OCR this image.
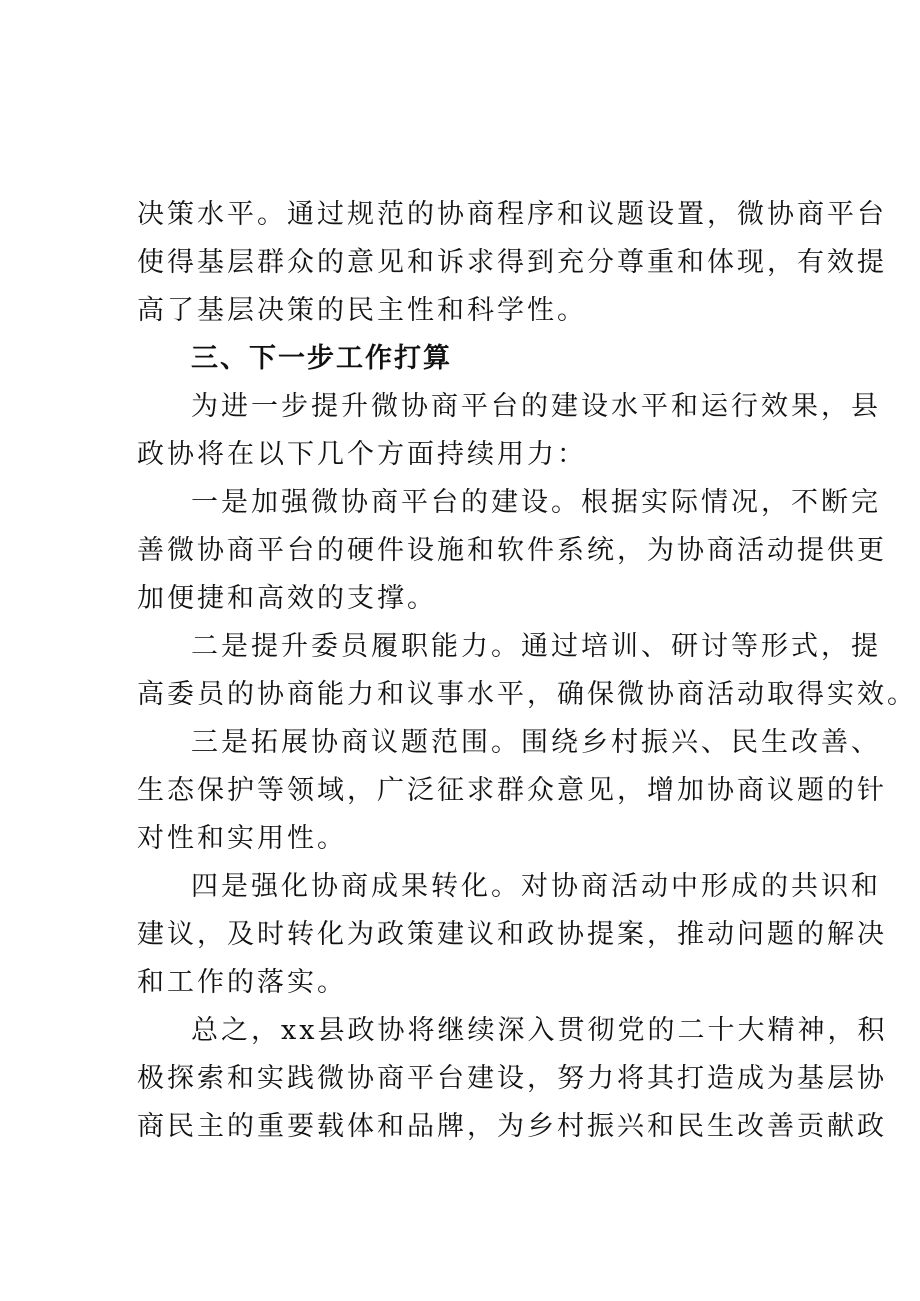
决策水平。通过规范的协商程序和议题设置，微协商平台
使得基层群众的意见和诉求得到充分尊重和体现，有效提
高了基层决策的民主性和科学性。
三、下一步工作打算
为进一步提升微协商平台的建设水平和运行效果，县
政协将在以下几个方面持续用力：
一是加强微协商平台的建设。根据实际情况，不断完
善微协商平台的硬件设施和软件系统，为协商活动提供更
加便捷和高效的支撑。
二是提升委员履职能力。通过培训、研讨等形式，提
高委员的协商能力和议事水平，确保微协商活动取得实效。
三是拓展协商议题范围。围绕乡村振兴、民生改善、
生态保护等领域，广泛征求群众意见，增加协商议题的针
对性和实用性。
四是强化协商成果转化。对协商活动中形成的共识和
建议，及时转化为政策建议和政协提案，推动问题的解决
和工作的落实。
总之，xx县政协将继续深入贯彻党的二十大精神，积
极探索和实践微协商平台建设，努力将其打造成为基层协
商民主的重要载体和品牌，为乡村振兴和民生改善贡献政
